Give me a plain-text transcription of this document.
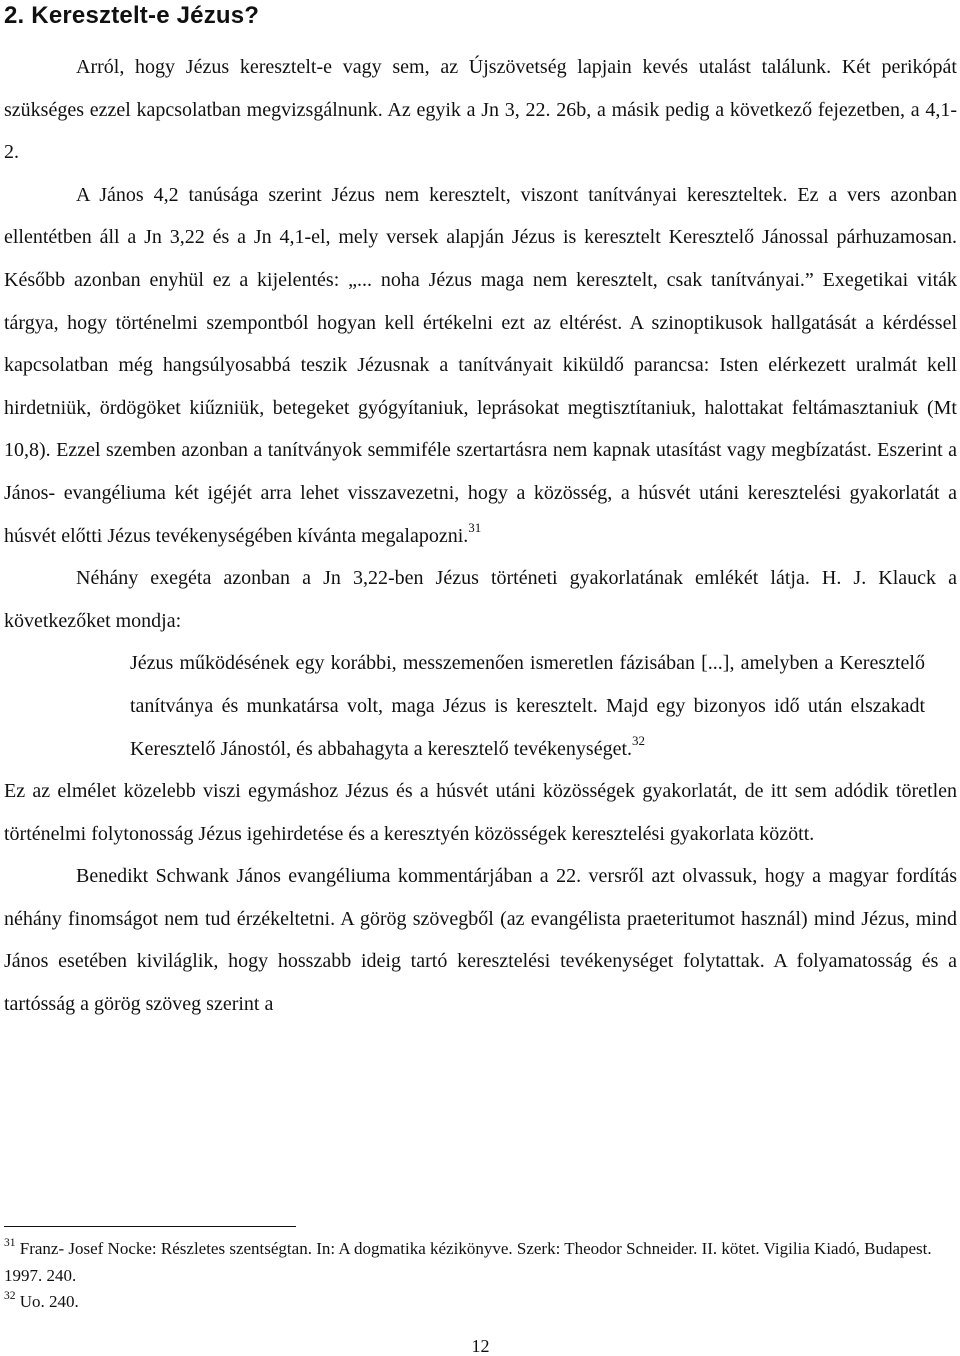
2. Keresztelt-e Jézus?

Arról, hogy Jézus keresztelt-e vagy sem, az Újszövetség lapjain kevés utalást találunk. Két perikópát szükséges ezzel kapcsolatban megvizsgálnunk. Az egyik a Jn 3, 22. 26b, a másik pedig a következő fejezetben, a 4,1-2.

A János 4,2 tanúsága szerint Jézus nem keresztelt, viszont tanítványai kereszteltek. Ez a vers azonban ellentétben áll a Jn 3,22 és a Jn 4,1-el, mely versek alapján Jézus is keresztelt Keresztelő Jánossal párhuzamosan. Később azonban enyhül ez a kijelentés: „... noha Jézus maga nem keresztelt, csak tanítványai.” Exegetikai viták tárgya, hogy történelmi szempontból hogyan kell értékelni ezt az eltérést. A szinoptikusok hallgatását a kérdéssel kapcsolatban még hangsúlyosabbá teszik Jézusnak a tanítványait kiküldő parancsa: Isten elérkezett uralmát kell hirdetniük, ördögöket kiűzniük, betegeket gyógyítaniuk, leprásokat megtisztítaniuk, halottakat feltámasztaniuk (Mt 10,8). Ezzel szemben azonban a tanítványok semmiféle szertartásra nem kapnak utasítást vagy megbízatást. Eszerint a János- evangéliuma két igéjét arra lehet visszavezetni, hogy a közösség, a húsvét utáni keresztelési gyakorlatát a húsvét előtti Jézus tevékenységében kívánta megalapozni.$^{31}$

Néhány exegéta azonban a Jn 3,22-ben Jézus történeti gyakorlatának emlékét látja. H. J. Klauck a következőket mondja:

Jézus működésének egy korábbi, messzemenően ismeretlen fázisában [...], amelyben a Keresztelő tanítványa és munkatársa volt, maga Jézus is keresztelt. Majd egy bizonyos idő után elszakadt Keresztelő Jánostól, és abbahagyta a keresztelő tevékenységet.$^{32}$

Ez az elmélet közelebb viszi egymáshoz Jézus és a húsvét utáni közösségek gyakorlatát, de itt sem adódik töretlen történelmi folytonosság Jézus igehirdetése és a keresztyén közösségek keresztelési gyakorlata között.

Benedikt Schwank János evangéliuma kommentárjában a 22. versről azt olvassuk, hogy a magyar fordítás néhány finomságot nem tud érzékeltetni. A görög szövegből (az evangélista praeteritumot használ) mind Jézus, mind János esetében kiviláglik, hogy hosszabb ideig tartó keresztelési tevékenységet folytattak. A folyamatosság és a tartósság a görög szöveg szerint a

$^{31}$ Franz- Josef Nocke: Részletes szentségtan. In: A dogmatika kézikönyve. Szerk: Theodor Schneider. II. kötet. Vigilia Kiadó, Budapest. 1997. 240.

$^{32}$ Uo. 240.

12
